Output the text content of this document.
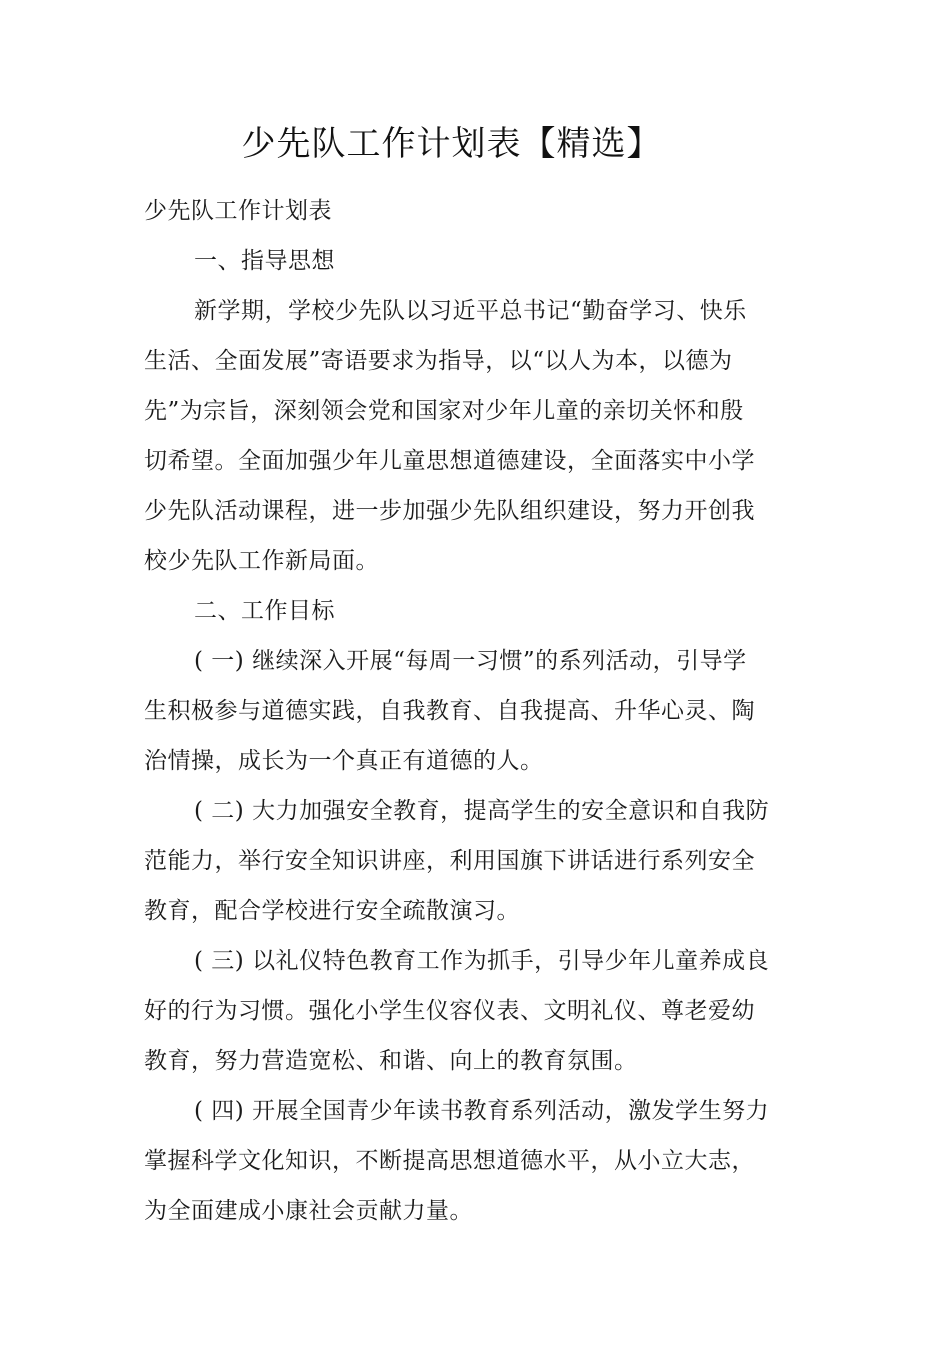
少先队工作计划表【精选】
少先队工作计划表
一、指导思想
新学期，学校少先队以习近平总书记“勤奋学习、快乐
生活、全面发展”寄语要求为指导，以“以人为本，以德为
先”为宗旨，深刻领会党和国家对少年儿童的亲切关怀和殷
切希望。全面加强少年儿童思想道德建设，全面落实中小学
少先队活动课程，进一步加强少先队组织建设，努力开创我
校少先队工作新局面。
二、工作目标
( 一) 继续深入开展“每周一习惯”的系列活动，引导学
生积极参与道德实践，自我教育、自我提高、升华心灵、陶
治情操，成长为一个真正有道德的人。
( 二) 大力加强安全教育，提高学生的安全意识和自我防
范能力，举行安全知识讲座，利用国旗下讲话进行系列安全
教育，配合学校进行安全疏散演习。
( 三) 以礼仪特色教育工作为抓手，引导少年儿童养成良
好的行为习惯。强化小学生仪容仪表、文明礼仪、尊老爱幼
教育，努力营造宽松、和谐、向上的教育氛围。
( 四) 开展全国青少年读书教育系列活动，激发学生努力
掌握科学文化知识，不断提高思想道德水平，从小立大志，
为全面建成小康社会贡献力量。
